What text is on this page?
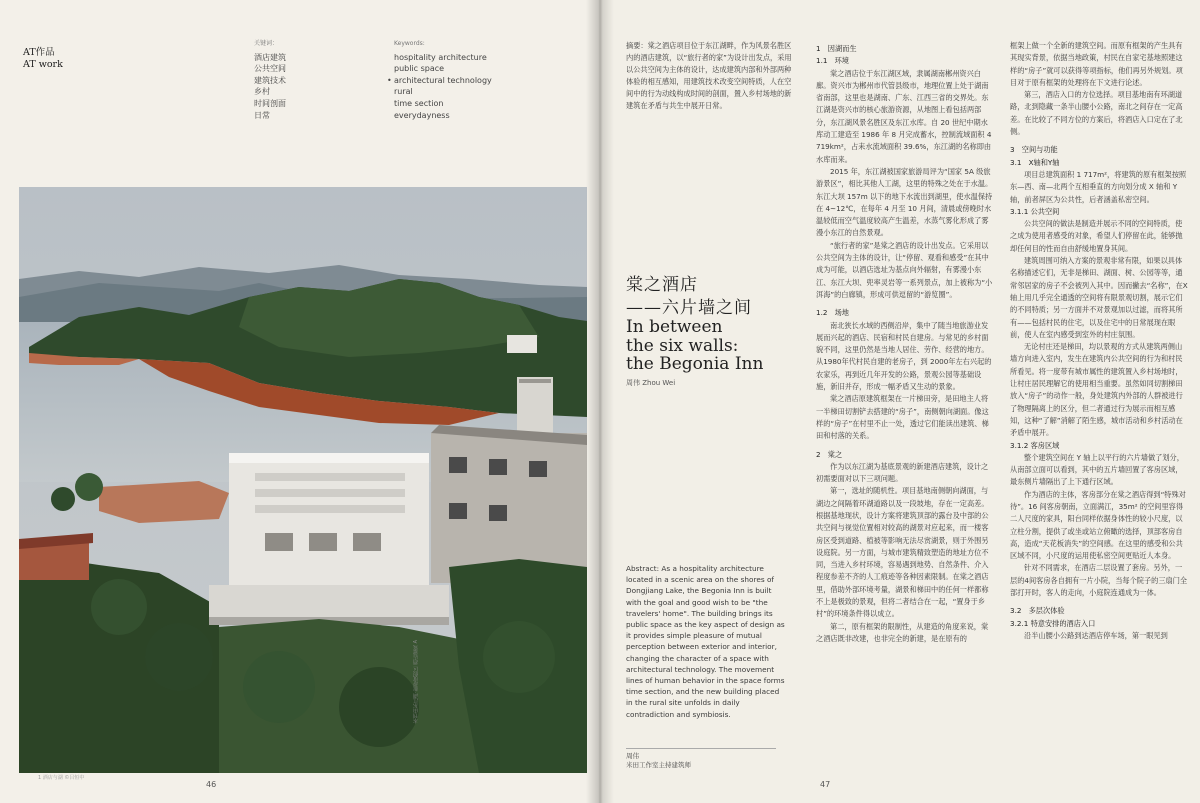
AT作品
AT work
关键词：
酒店建筑
公共空间
建筑技术
乡村
时间剖面
日常
Keywords:
hospitality architecture
public space
• architectural technology
rural
time section
everydayness
本刊由东江湖·旅游度假区 酒店建筑 A
1 酒店与湖 ©吕恒中
46
摘要：棠之酒店项目位于东江湖畔，作为风景名胜区内的酒店建筑，以“旅行者的家”为设计出发点，采用以公共空间为主体的设计，达成建筑内部和外部两种体验的相互感知，用建筑技术改变空间特质，人在空间中的行为动线构成时间的剖面，置入乡村场地的新建筑在矛盾与共生中展开日常。
棠之酒店
——六片墙之间
In between
the six walls:
the Begonia Inn
周伟 Zhou Wei
Abstract: As a hospitality architecture located in a scenic area on the shores of Dongjiang Lake, the Begonia Inn is built with the goal and good wish to be "the travelers' home". The building brings its public space as the key aspect of design as it provides simple pleasure of mutual perception between exterior and interior, changing the character of a space with architectural technology. The movement lines of human behavior in the space forms time section, and the new building placed in the rural site unfolds in daily contradiction and symbiosis.
周伟
米田工作室主持建筑师

1　因湖而生

1.1　环境

棠之酒店位于东江湖区域，隶属湖南郴州资兴白廊。资兴市为郴州市代管县级市，地理位置上处于湖南省南部，这里也是湖南、广东、江西三省的交界处。东江湖是资兴市的核心旅游资源，从地图上看包括两部分，东江湖风景名胜区及东江水库。自 20 世纪中期水库动工建造至 1986 年 8 月完成蓄水，控制流域面积 4 719km²，占耒水流域面积 39.6%，东江湖的名称即由水库而来。

2015 年，东江湖被国家旅游局评为“国家 5A 级旅游景区”，相比其他人工湖，这里的特殊之处在于水温。东江大坝 157m 以下的地下水流出到湖里，使水温保持在 4~12℃，在每年 4 月至 10 月间，清晨或傍晚时水温较低而空气温度较高产生温差，水蒸气雾化形成了雾漫小东江的自然景观。

“旅行者的家”是棠之酒店的设计出发点。它采用以公共空间为主体的设计，让“停留、观看和感受”在其中成为可能，以酒店选址为基点向外辐射，有雾漫小东江、东江大坝、兜率灵岩等一系列景点，加上被称为“小洱海”的白廊镇，形成可供逗留的“游览圈”。

1.2　场地

南北狭长水域的西侧沿岸，集中了随当地旅游业发展而兴起的酒店、民宿和村民自建房。与常见的乡村面貌不同，这里仍然是当地人居住、劳作、经营的地方。从1980年代村民自建的老房子，到 2000年左右兴起的农家乐，再到近几年开发的公路，景观公园等基础设施，新旧并存，形成一幅矛盾又生动的景象。

棠之酒店原建筑框架在一片梯田旁，是田地主人将一半梯田切割铲去搭建的“房子”，南侧朝向湖面。像这样的“房子”在村里不止一处，透过它们能读出建筑、梯田和村落的关系。

2　棠之

作为以东江湖为基底景观的新建酒店建筑，设计之初需要面对以下三项问题。

第一，选址的随机性。项目基地南侧朝向湖面，与湖边之间隔着环湖道路以及一段坡地，存在一定高差。根据基地现状，设计方案将建筑顶部的露台及中部的公共空间与视觉位置相对较高的湖景对应起来，而一楼客房区受到道路、植被等影响无法尽赏湖景，则于外围另设庭院。另一方面，与城市建筑精致塑造的地址方位不同，当进入乡村环境，容易遇到地势、自然条件、介入程度参差不齐的人工痕迹等各种因素限制。在棠之酒店里，借助外部环境考量，湖景和梯田中的任何一样都称不上是极致的景观，但将二者结合在一起，“置身于乡村”的环境条件得以成立。

第二，原有框架的限制性，从建造的角度来说，棠之酒店既非改建，也非完全的新建，是在原有的

框架上做一个全新的建筑空间。而原有框架的产生具有其现实背景，依据当地政策，村民在自家宅基地照建这样的“房子”就可以获得等项指标，他们再另外规划。项目对于原有框架的处理将在下文进行论述。

第三，酒店入口的方位选择。项目基地南有环湖道路，北到隐藏一条半山腰小公路，南北之间存在一定高差。在比较了不同方位的方案后，将酒店入口定在了北侧。

3　空间与功能

3.1　X轴和Y轴

项目总建筑面积 1 717m²，将建筑的原有框架按照东—西、南—北两个互相垂直的方向划分成 X 轴和 Y 轴，前者屏区为公共性，后者涵盖私密空间。

3.1.1 公共空间

公共空间的做法是制造并展示不同的空间特质，使之成为使用者感受的对象，希望人们停留在此，能够抛却任何目的性而自由舒缓地置身其间。

建筑周围可纳入方案的景观非常有限，如果以具体名称描述它们，无非是梯田、湖面、树、公园等等，通常邻居家的房子不会被列入其中。因而撇去“名称”，在X轴上用几乎完全通透的空间将有限景观切割，展示它们的不同特质；另一方面并不对景观加以过滤，而将其所有——包括村民的住宅，以及住宅中的日常展现在眼前，使人在室内感受到室外的村庄氛围。

无论村庄还是梯田，均以景观的方式从建筑两侧山墙方向进入室内，发生在建筑内公共空间的行为和村民所看见。将一度带有城市属性的建筑置入乡村场地时，让村庄居民理解它的使用相当重要。虽然如同切割梯田放入“房子”的动作一般，身处建筑内外部的人群被进行了物理隔离上的区分，但二者通过行为展示而相互感知，这种“了解”消解了陌生感，城市活动和乡村活动在矛盾中展开。

3.1.2 客房区域

整个建筑空间在 Y 轴上以平行的六片墙做了划分，从南部立面可以看到，其中的五片墙回置了客房区域，最东侧片墙隔出了上下通行区域。

作为酒店的主体，客房部分在棠之酒店得到“特殊对待”。16 间客房朝南，立面满江，35m² 的空间里容得二人尺度的家具，阳台同样依据身体性的较小尺度，以立柱分割，提供了或坐或站立俯瞰的选择，顶部客房自高，造成“天花板消失”的空间感。在这里的感受和公共区域不同，小尺度的运用使私密空间更贴近人本身。

针对不同需求，在酒店二层设置了套房。另外，一层的4间客房各自拥有一片小院，当每个院子的三扇门全部打开时，客人的走向，小庭院连通成为一体。

3.2　多层次体验

3.2.1 特意安排的酒店入口

沿半山腰小公路到达酒店停车场，第一眼见到

47
